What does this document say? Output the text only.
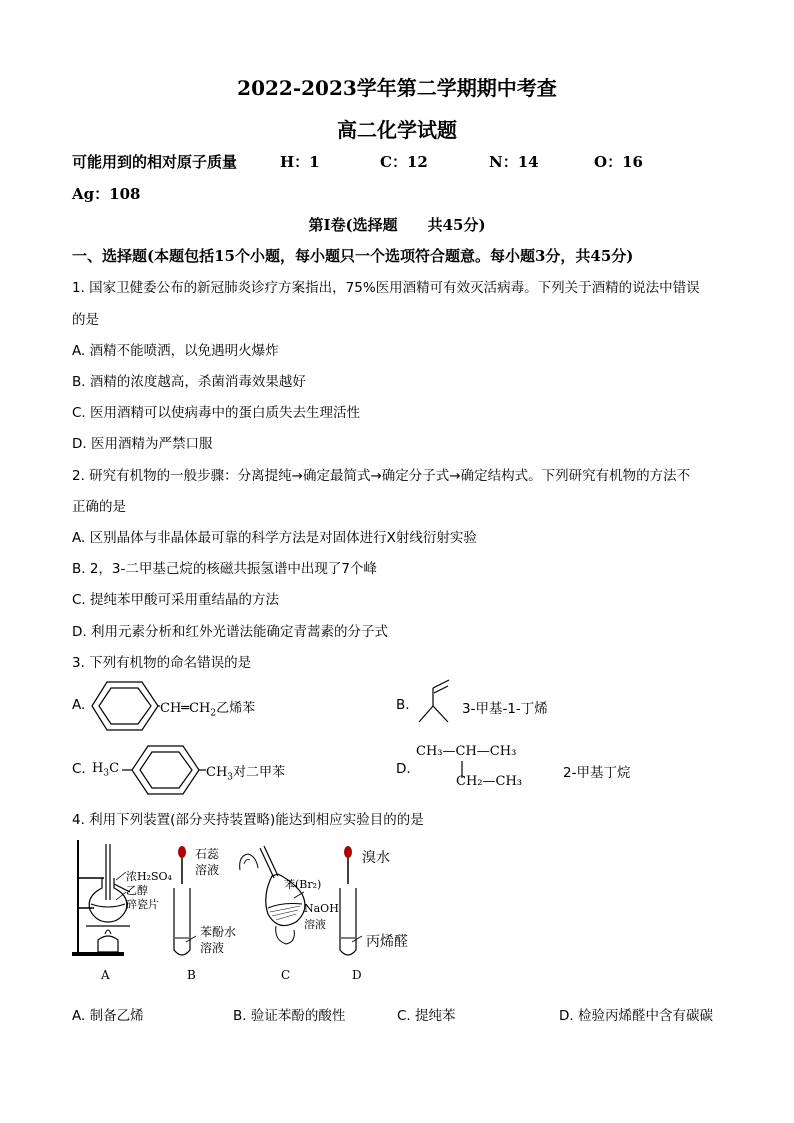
2022-2023学年第二学期期中考查
高二化学试题
可能用到的相对原子质量	H：1	C：12	N：14	O：16
Ag：108
第I卷(选择题　　共45分)
一、选择题(本题包括15个小题，每小题只一个选项符合题意。每小题3分，共45分)
1. 国家卫健委公布的新冠肺炎诊疗方案指出，75%医用酒精可有效灭活病毒。下列关于酒精的说法中错误
的是
A. 酒精不能喷洒，以免遇明火爆炸
B. 酒精的浓度越高，杀菌消毒效果越好
C. 医用酒精可以使病毒中的蛋白质失去生理活性
D. 医用酒精为严禁口服
2. 研究有机物的一般步骤：分离提纯→确定最简式→确定分子式→确定结构式。下列研究有机物的方法不
正确的是
A. 区别晶体与非晶体最可靠的科学方法是对固体进行X射线衍射实验
B. 2，3-二甲基己烷的核磁共振氢谱中出现了7个峰
C. 提纯苯甲酸可采用重结晶的方法
D. 利用元素分析和红外光谱法能确定青蒿素的分子式
3. 下列有机物的命名错误的是
A.	$CH═CH_2$乙烯苯	B.	3-甲基-1-丁烯
C. $H_3C$	$CH_3$对二甲苯	D.
CH₃—CH—CH₃
CH₂—CH₃
2-甲基丁烷
4. 利用下列装置(部分夹持装置略)能达到相应实验目的的是
浓H₂SO₄
乙醇
碎瓷片
石蕊
溶液
苯酚水
溶液
苯(Br₂)
NaOH
溶液
溴水
丙烯醛
A	B	C	D
A. 制备乙烯	B. 验证苯酚的酸性	C. 提纯苯	D. 检验丙烯醛中含有碳碳
